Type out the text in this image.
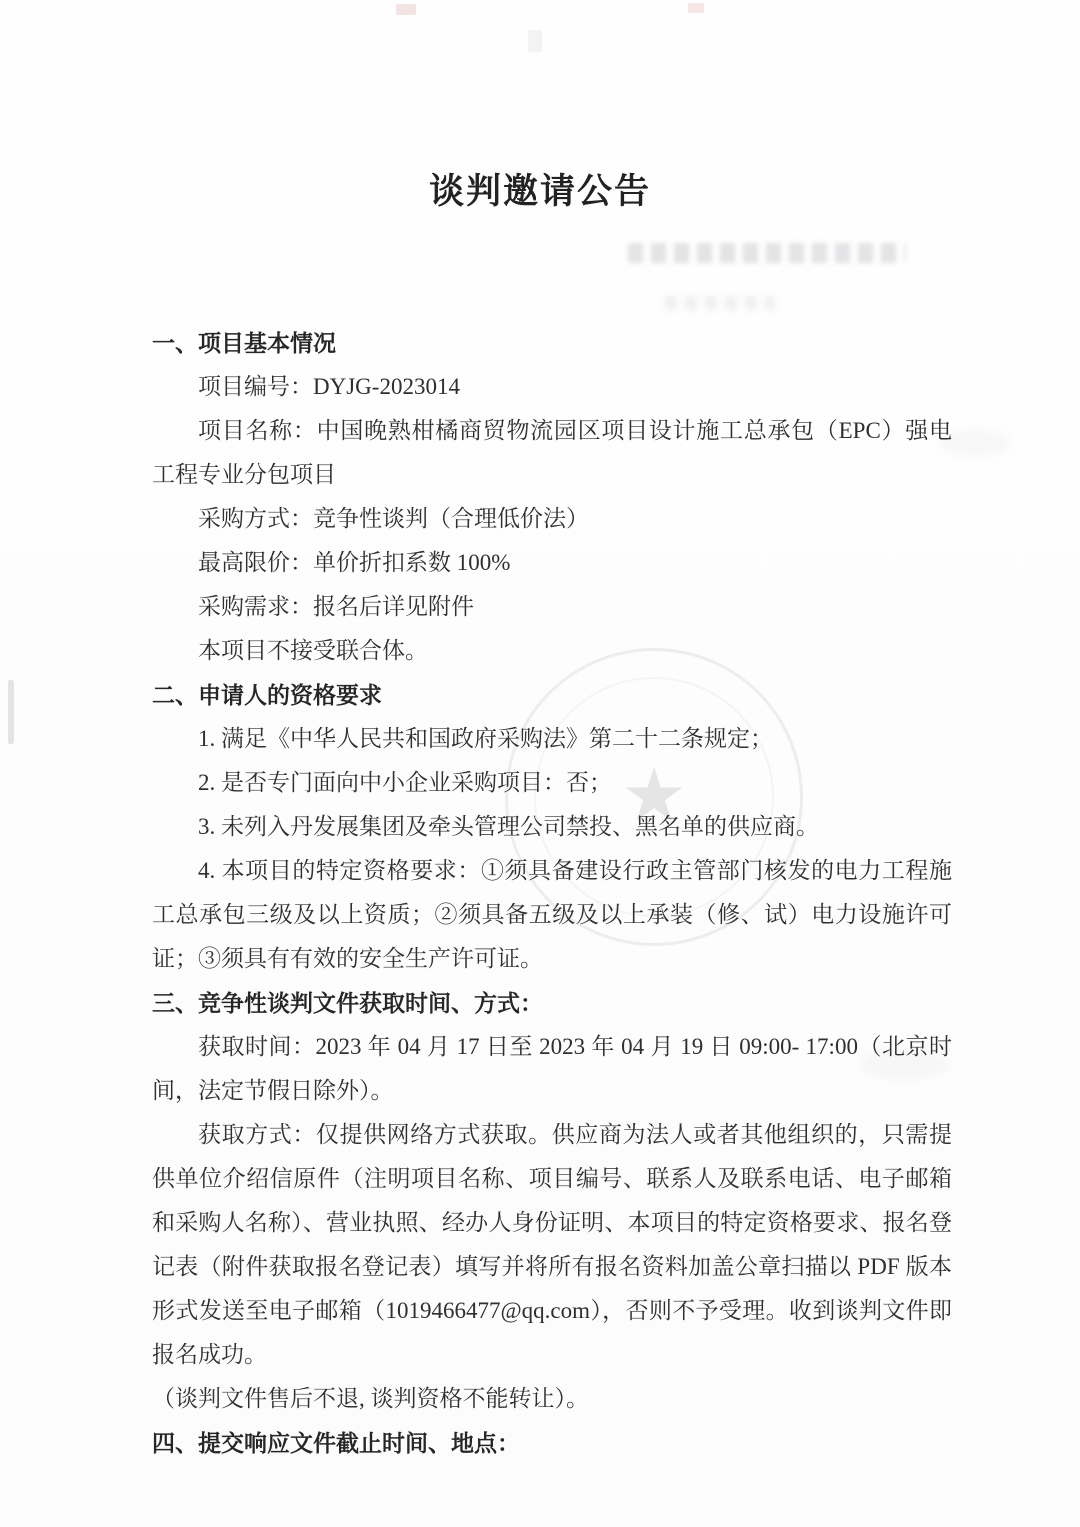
★
谈判邀请公告

一、项目基本情况

项目编号：DYJG-2023014

项目名称：中国晚熟柑橘商贸物流园区项目设计施工总承包（EPC）强电工程专业分包项目

采购方式：竞争性谈判（合理低价法）

最高限价：单价折扣系数 100%

采购需求：报名后详见附件

本项目不接受联合体。

二、申请人的资格要求

1. 满足《中华人民共和国政府采购法》第二十二条规定；

2. 是否专门面向中小企业采购项目：否；

3. 未列入丹发展集团及牵头管理公司禁投、黑名单的供应商。

4. 本项目的特定资格要求：①须具备建设行政主管部门核发的电力工程施工总承包三级及以上资质；②须具备五级及以上承装（修、试）电力设施许可证；③须具有有效的安全生产许可证。

三、竞争性谈判文件获取时间、方式：

获取时间：2023 年 04 月 17 日至 2023 年 04 月 19 日 09:00- 17:00（北京时间，法定节假日除外）。

获取方式：仅提供网络方式获取。供应商为法人或者其他组织的，只需提供单位介绍信原件（注明项目名称、项目编号、联系人及联系电话、电子邮箱和采购人名称）、营业执照、经办人身份证明、本项目的特定资格要求、报名登记表（附件获取报名登记表）填写并将所有报名资料加盖公章扫描以 PDF 版本形式发送至电子邮箱（1019466477@qq.com），否则不予受理。收到谈判文件即报名成功。

（谈判文件售后不退, 谈判资格不能转让）。

四、提交响应文件截止时间、地点：
